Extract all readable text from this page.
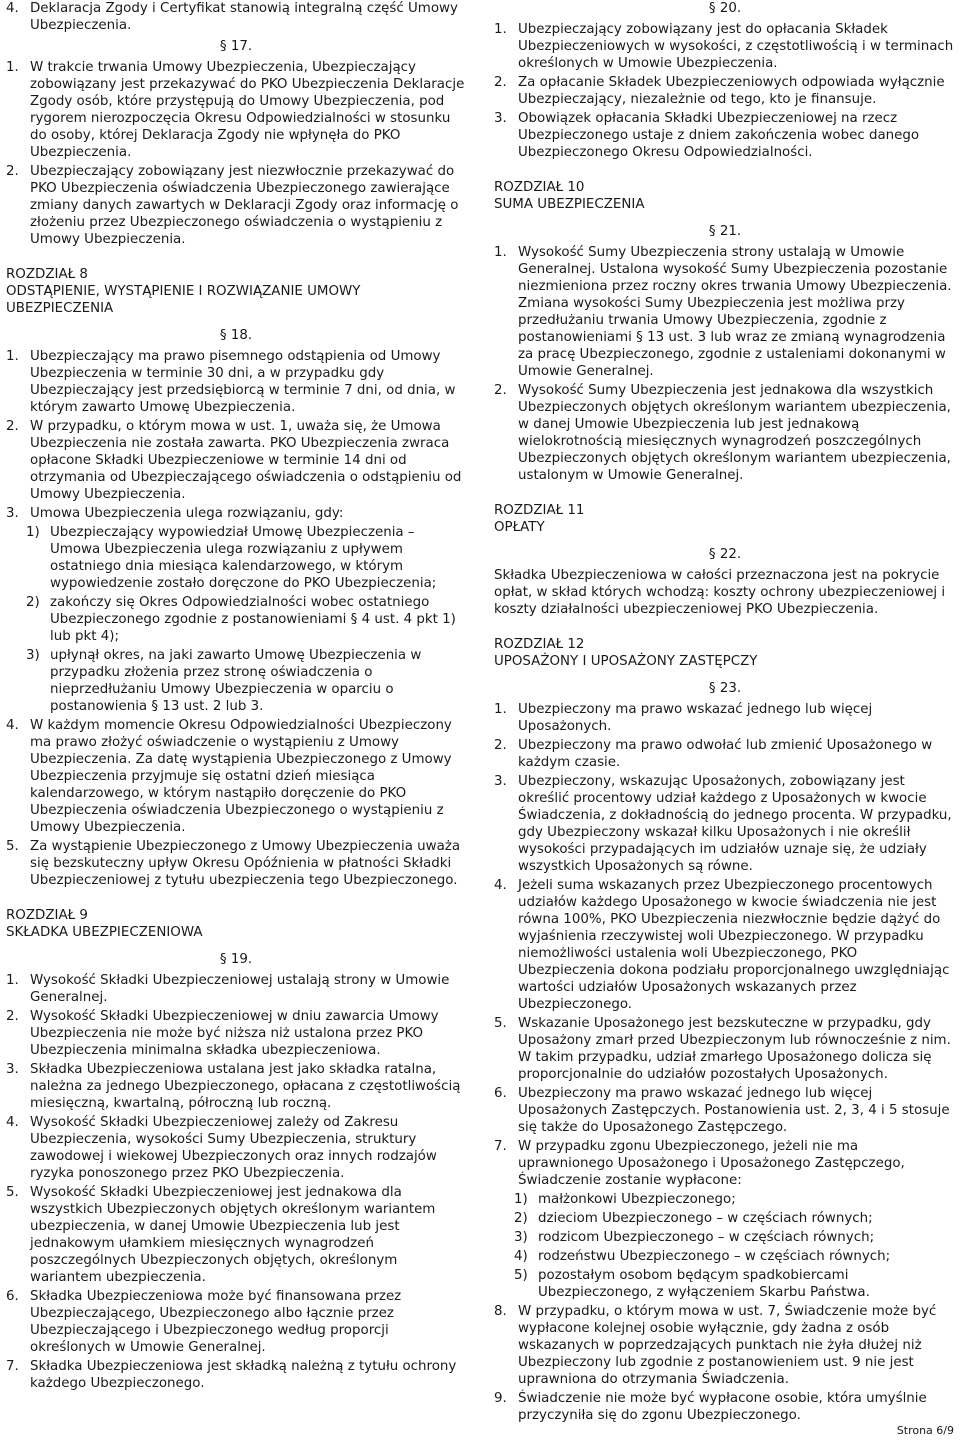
4. Deklaracja Zgody i Certyfikat stanowią integralną część Umowy Ubezpieczenia.
§ 17.
1. W trakcie trwania Umowy Ubezpieczenia, Ubezpieczający zobowiązany jest przekazywać do PKO Ubezpieczenia Deklaracje Zgody osób, które przystępują do Umowy Ubezpieczenia, pod rygorem nierozpoczęcia Okresu Odpowiedzialności w stosunku do osoby, której Deklaracja Zgody nie wpłynęła do PKO Ubezpieczenia.
2. Ubezpieczający zobowiązany jest niezwłocznie przekazywać do PKO Ubezpieczenia oświadczenia Ubezpieczonego zawierające zmiany danych zawartych w Deklaracji Zgody oraz informację o złożeniu przez Ubezpieczonego oświadczenia o wystąpieniu z Umowy Ubezpieczenia.
ROZDZIAŁ 8
ODSTĄPIENIE, WYSTĄPIENIE I ROZWIĄZANIE UMOWY UBEZPIECZENIA
§ 18.
1. Ubezpieczający ma prawo pisemnego odstąpienia od Umowy Ubezpieczenia w terminie 30 dni, a w przypadku gdy Ubezpieczający jest przedsiębiorcą w terminie 7 dni, od dnia, w którym zawarto Umowę Ubezpieczenia.
2. W przypadku, o którym mowa w ust. 1, uważa się, że Umowa Ubezpieczenia nie została zawarta. PKO Ubezpieczenia zwraca opłacone Składki Ubezpieczeniowe w terminie 14 dni od otrzymania od Ubezpieczającego oświadczenia o odstąpieniu od Umowy Ubezpieczenia.
3. Umowa Ubezpieczenia ulega rozwiązaniu, gdy:
1) Ubezpieczający wypowiedział Umowę Ubezpieczenia – Umowa Ubezpieczenia ulega rozwiązaniu z upływem ostatniego dnia miesiąca kalendarzowego, w którym wypowiedzenie zostało doręczone do PKO Ubezpieczenia;
2) zakończy się Okres Odpowiedzialności wobec ostatniego Ubezpieczonego zgodnie z postanowieniami § 4 ust. 4 pkt 1) lub pkt 4);
3) upłynął okres, na jaki zawarto Umowę Ubezpieczenia w przypadku złożenia przez stronę oświadczenia o nieprzedłużaniu Umowy Ubezpieczenia w oparciu o postanowienia § 13 ust. 2 lub 3.
4. W każdym momencie Okresu Odpowiedzialności Ubezpieczony ma prawo złożyć oświadczenie o wystąpieniu z Umowy Ubezpieczenia. Za datę wystąpienia Ubezpieczonego z Umowy Ubezpieczenia przyjmuje się ostatni dzień miesiąca kalendarzowego, w którym nastąpiło doręczenie do PKO Ubezpieczenia oświadczenia Ubezpieczonego o wystąpieniu z Umowy Ubezpieczenia.
5. Za wystąpienie Ubezpieczonego z Umowy Ubezpieczenia uważa się bezskuteczny upływ Okresu Opóźnienia w płatności Składki Ubezpieczeniowej z tytułu ubezpieczenia tego Ubezpieczonego.
ROZDZIAŁ 9
SKŁADKA UBEZPIECZENIOWA
§ 19.
1. Wysokość Składki Ubezpieczeniowej ustalają strony w Umowie Generalnej.
2. Wysokość Składki Ubezpieczeniowej w dniu zawarcia Umowy Ubezpieczenia nie może być niższa niż ustalona przez PKO Ubezpieczenia minimalna składka ubezpieczeniowa.
3. Składka Ubezpieczeniowa ustalana jest jako składka ratalna, należna za jednego Ubezpieczonego, opłacana z częstotliwością miesięczną, kwartalną, półroczną lub roczną.
4. Wysokość Składki Ubezpieczeniowej zależy od Zakresu Ubezpieczenia, wysokości Sumy Ubezpieczenia, struktury zawodowej i wiekowej Ubezpieczonych oraz innych rodzajów ryzyka ponoszonego przez PKO Ubezpieczenia.
5. Wysokość Składki Ubezpieczeniowej jest jednakowa dla wszystkich Ubezpieczonych objętych określonym wariantem ubezpieczenia, w danej Umowie Ubezpieczenia lub jest jednakowym ułamkiem miesięcznych wynagrodzeń poszczególnych Ubezpieczonych objętych, określonym wariantem ubezpieczenia.
6. Składka Ubezpieczeniowa może być finansowana przez Ubezpieczającego, Ubezpieczonego albo łącznie przez Ubezpieczającego i Ubezpieczonego według proporcji określonych w Umowie Generalnej.
7. Składka Ubezpieczeniowa jest składką należną z tytułu ochrony każdego Ubezpieczonego.
§ 20.
1. Ubezpieczający zobowiązany jest do opłacania Składek Ubezpieczeniowych w wysokości, z częstotliwością i w terminach określonych w Umowie Ubezpieczenia.
2. Za opłacanie Składek Ubezpieczeniowych odpowiada wyłącznie Ubezpieczający, niezależnie od tego, kto je finansuje.
3. Obowiązek opłacania Składki Ubezpieczeniowej na rzecz Ubezpieczonego ustaje z dniem zakończenia wobec danego Ubezpieczonego Okresu Odpowiedzialności.
ROZDZIAŁ 10
SUMA UBEZPIECZENIA
§ 21.
1. Wysokość Sumy Ubezpieczenia strony ustalają w Umowie Generalnej. Ustalona wysokość Sumy Ubezpieczenia pozostanie niezmieniona przez roczny okres trwania Umowy Ubezpieczenia. Zmiana wysokości Sumy Ubezpieczenia jest możliwa przy przedłużaniu trwania Umowy Ubezpieczenia, zgodnie z postanowieniami § 13 ust. 3 lub wraz ze zmianą wynagrodzenia za pracę Ubezpieczonego, zgodnie z ustaleniami dokonanymi w Umowie Generalnej.
2. Wysokość Sumy Ubezpieczenia jest jednakowa dla wszystkich Ubezpieczonych objętych określonym wariantem ubezpieczenia, w danej Umowie Ubezpieczenia lub jest jednakową wielokrotnością miesięcznych wynagrodzeń poszczególnych Ubezpieczonych objętych określonym wariantem ubezpieczenia, ustalonym w Umowie Generalnej.
ROZDZIAŁ 11
OPŁATY
§ 22.

Składka Ubezpieczeniowa w całości przeznaczona jest na pokrycie opłat, w skład których wchodzą: koszty ochrony ubezpieczeniowej i koszty działalności ubezpieczeniowej PKO Ubezpieczenia.

ROZDZIAŁ 12
UPOSAŻONY I UPOSAŻONY ZASTĘPCZY
§ 23.
1. Ubezpieczony ma prawo wskazać jednego lub więcej Uposażonych.
2. Ubezpieczony ma prawo odwołać lub zmienić Uposażonego w każdym czasie.
3. Ubezpieczony, wskazując Uposażonych, zobowiązany jest określić procentowy udział każdego z Uposażonych w kwocie Świadczenia, z dokładnością do jednego procenta. W przypadku, gdy Ubezpieczony wskazał kilku Uposażonych i nie określił wysokości przypadających im udziałów uznaje się, że udziały wszystkich Uposażonych są równe.
4. Jeżeli suma wskazanych przez Ubezpieczonego procentowych udziałów każdego Uposażonego w kwocie świadczenia nie jest równa 100%, PKO Ubezpieczenia niezwłocznie będzie dążyć do wyjaśnienia rzeczywistej woli Ubezpieczonego. W przypadku niemożliwości ustalenia woli Ubezpieczonego, PKO Ubezpieczenia dokona podziału proporcjonalnego uwzględniając wartości udziałów Uposażonych wskazanych przez Ubezpieczonego.
5. Wskazanie Uposażonego jest bezskuteczne w przypadku, gdy Uposażony zmarł przed Ubezpieczonym lub równocześnie z nim. W takim przypadku, udział zmarłego Uposażonego dolicza się proporcjonalnie do udziałów pozostałych Uposażonych.
6. Ubezpieczony ma prawo wskazać jednego lub więcej Uposażonych Zastępczych. Postanowienia ust. 2, 3, 4 i 5 stosuje się także do Uposażonego Zastępczego.
7. W przypadku zgonu Ubezpieczonego, jeżeli nie ma uprawnionego Uposażonego i Uposażonego Zastępczego, Świadczenie zostanie wypłacone:
1) małżonkowi Ubezpieczonego;
2) dzieciom Ubezpieczonego – w częściach równych;
3) rodzicom Ubezpieczonego – w częściach równych;
4) rodzeństwu Ubezpieczonego – w częściach równych;
5) pozostałym osobom będącym spadkobiercami Ubezpieczonego, z wyłączeniem Skarbu Państwa.
8. W przypadku, o którym mowa w ust. 7, Świadczenie może być wypłacone kolejnej osobie wyłącznie, gdy żadna z osób wskazanych w poprzedzających punktach nie żyła dłużej niż Ubezpieczony lub zgodnie z postanowieniem ust. 9 nie jest uprawniona do otrzymania Świadczenia.
9. Świadczenie nie może być wypłacone osobie, która umyślnie przyczyniła się do zgonu Ubezpieczonego.
Strona 6/9
